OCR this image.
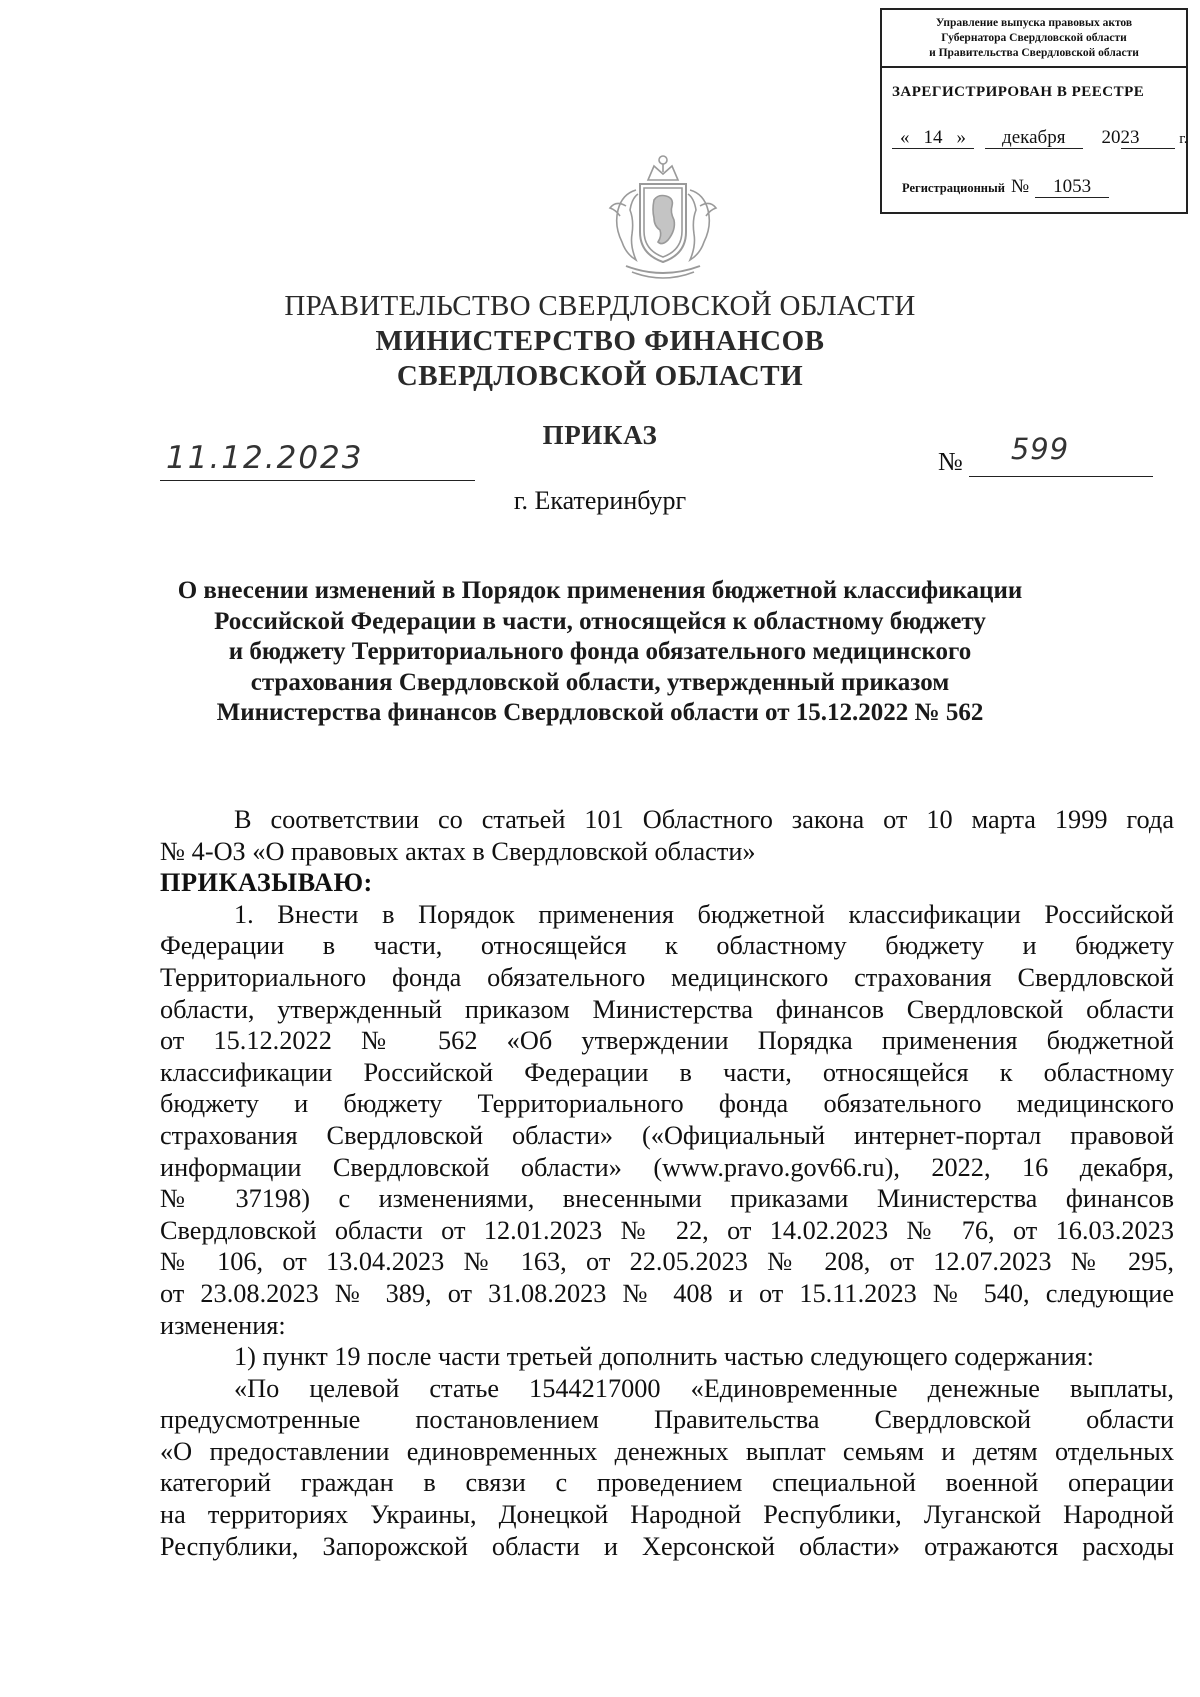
Управление выпуска правовых актов
Губернатора Свердловской области
и Правительства Свердловской области
ЗАРЕГИСТРИРОВАН В РЕЕСТРЕ
« 14 » декабря 2023	г.
Регистрационный № 1053
ПРАВИТЕЛЬСТВО СВЕРДЛОВСКОЙ ОБЛАСТИ
МИНИСТЕРСТВО ФИНАНСОВ
СВЕРДЛОВСКОЙ ОБЛАСТИ
ПРИКАЗ
11.12.2023	№ 599
г. Екатеринбург
О внесении изменений в Порядок применения бюджетной классификации
Российской Федерации в части, относящейся к областному бюджету
и бюджету Территориального фонда обязательного медицинского
страхования Свердловской области, утвержденный приказом
Министерства финансов Свердловской области от 15.12.2022 № 562

В соответствии со статьей 101 Областного закона от 10 марта 1999 года

№ 4-ОЗ «О правовых актах в Свердловской области»

ПРИКАЗЫВАЮ:

1. Внести в Порядок применения бюджетной классификации Российской

Федерации в части, относящейся к областному бюджету и бюджету

Территориального фонда обязательного медицинского страхования Свердловской

области, утвержденный приказом Министерства финансов Свердловской области

от 15.12.2022 № 562 «Об утверждении Порядка применения бюджетной

классификации Российской Федерации в части, относящейся к областному

бюджету и бюджету Территориального фонда обязательного медицинского

страхования Свердловской области» («Официальный интернет-портал правовой

информации Свердловской области» (www.pravo.gov66.ru), 2022, 16 декабря,

№ 37198) с изменениями, внесенными приказами Министерства финансов

Свердловской области от 12.01.2023 № 22, от 14.02.2023 № 76, от 16.03.2023

№ 106, от 13.04.2023 № 163, от 22.05.2023 № 208, от 12.07.2023 № 295,

от 23.08.2023 № 389, от 31.08.2023 № 408 и от 15.11.2023 № 540, следующие

изменения:

1) пункт 19 после части третьей дополнить частью следующего содержания:

«По целевой статье 1544217000 «Единовременные денежные выплаты,

предусмотренные постановлением Правительства Свердловской области

«О предоставлении единовременных денежных выплат семьям и детям отдельных

категорий граждан в связи с проведением специальной военной операции

на территориях Украины, Донецкой Народной Республики, Луганской Народной

Республики, Запорожской области и Херсонской области» отражаются расходы
